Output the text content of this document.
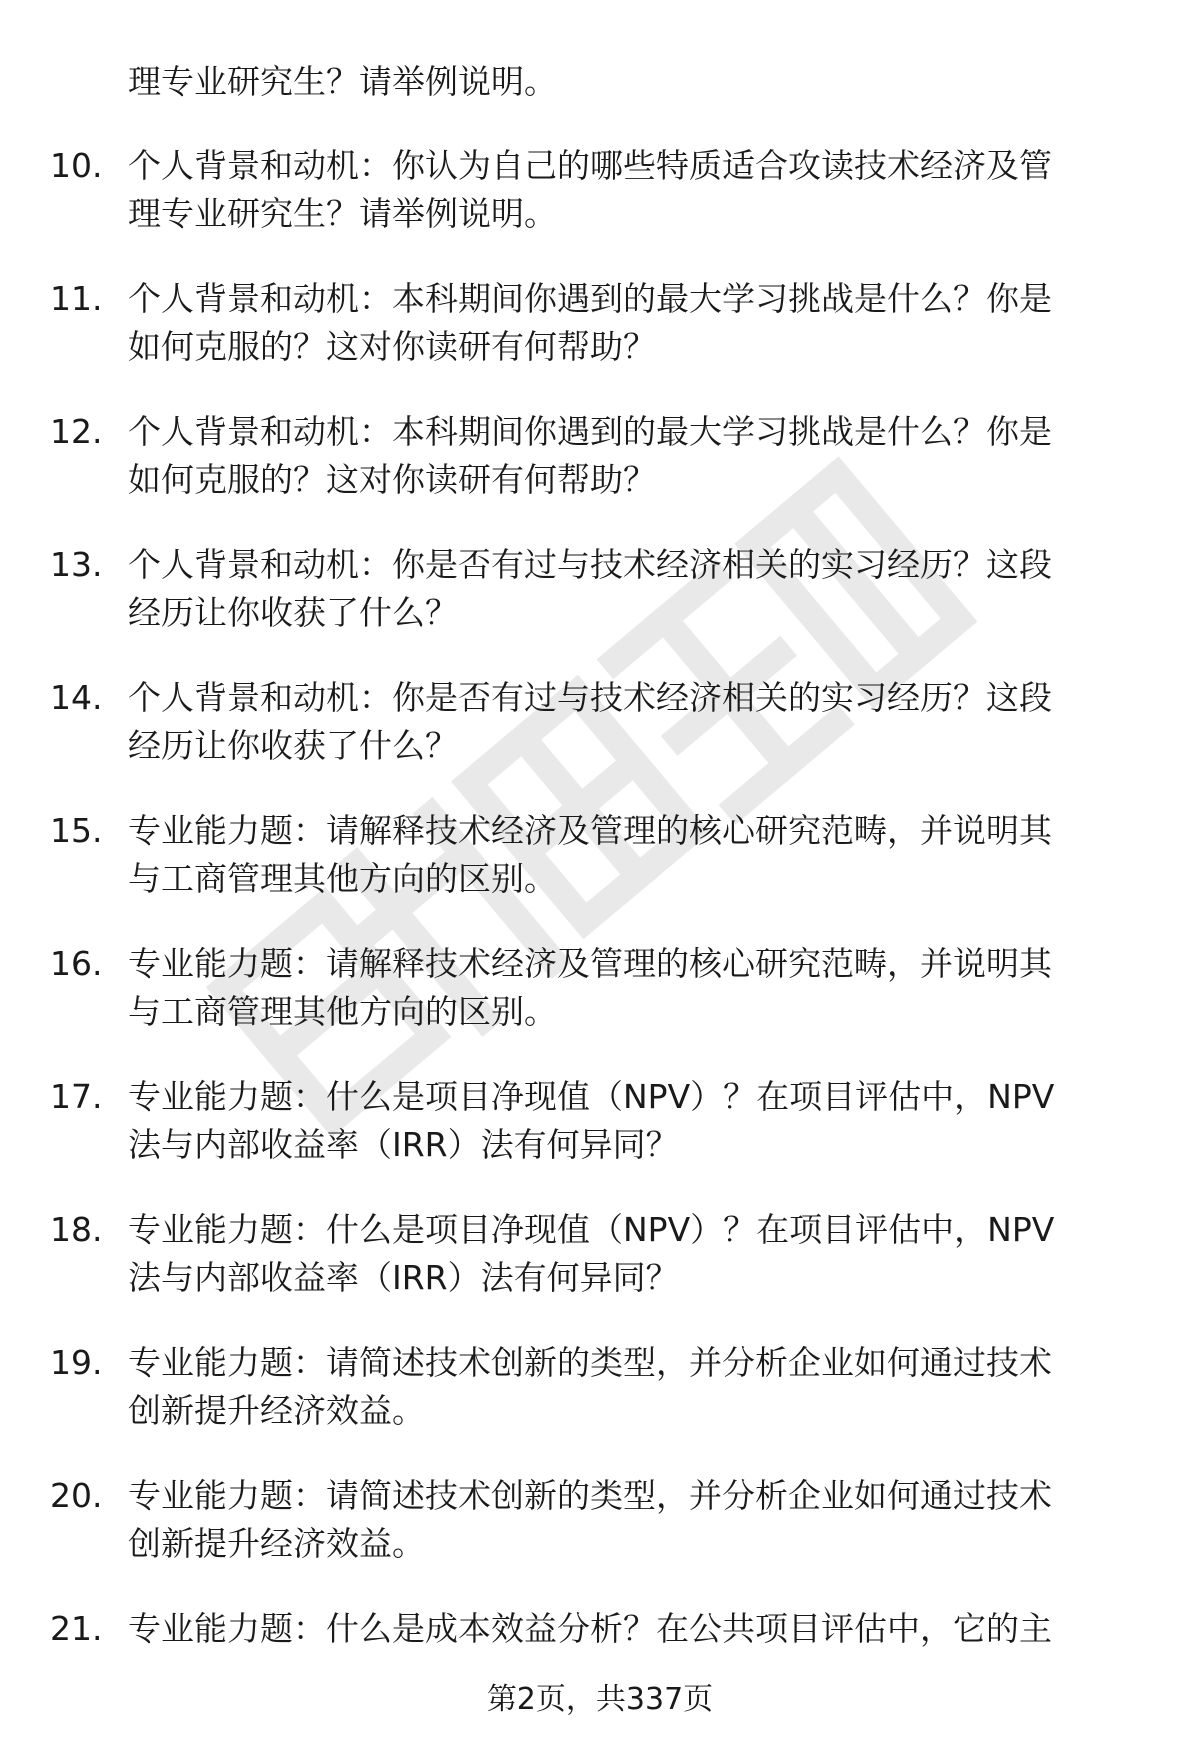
理专业研究生？请举例说明。
10. 个人背景和动机：你认为自己的哪些特质适合攻读技术经济及管
理专业研究生？请举例说明。
11. 个人背景和动机：本科期间你遇到的最大学习挑战是什么？你是
如何克服的？这对你读研有何帮助？
12. 个人背景和动机：本科期间你遇到的最大学习挑战是什么？你是
如何克服的？这对你读研有何帮助？
13. 个人背景和动机：你是否有过与技术经济相关的实习经历？这段
经历让你收获了什么？
14. 个人背景和动机：你是否有过与技术经济相关的实习经历？这段
经历让你收获了什么？
15. 专业能力题：请解释技术经济及管理的核心研究范畴，并说明其
与工商管理其他方向的区别。
16. 专业能力题：请解释技术经济及管理的核心研究范畴，并说明其
与工商管理其他方向的区别。
17. 专业能力题：什么是项目净现值（NPV）？在项目评估中，NPV
法与内部收益率（IRR）法有何异同？
18. 专业能力题：什么是项目净现值（NPV）？在项目评估中，NPV
法与内部收益率（IRR）法有何异同？
19. 专业能力题：请简述技术创新的类型，并分析企业如何通过技术
创新提升经济效益。
20. 专业能力题：请简述技术创新的类型，并分析企业如何通过技术
创新提升经济效益。
21. 专业能力题：什么是成本效益分析？在公共项目评估中，它的主
第2页，共337页
